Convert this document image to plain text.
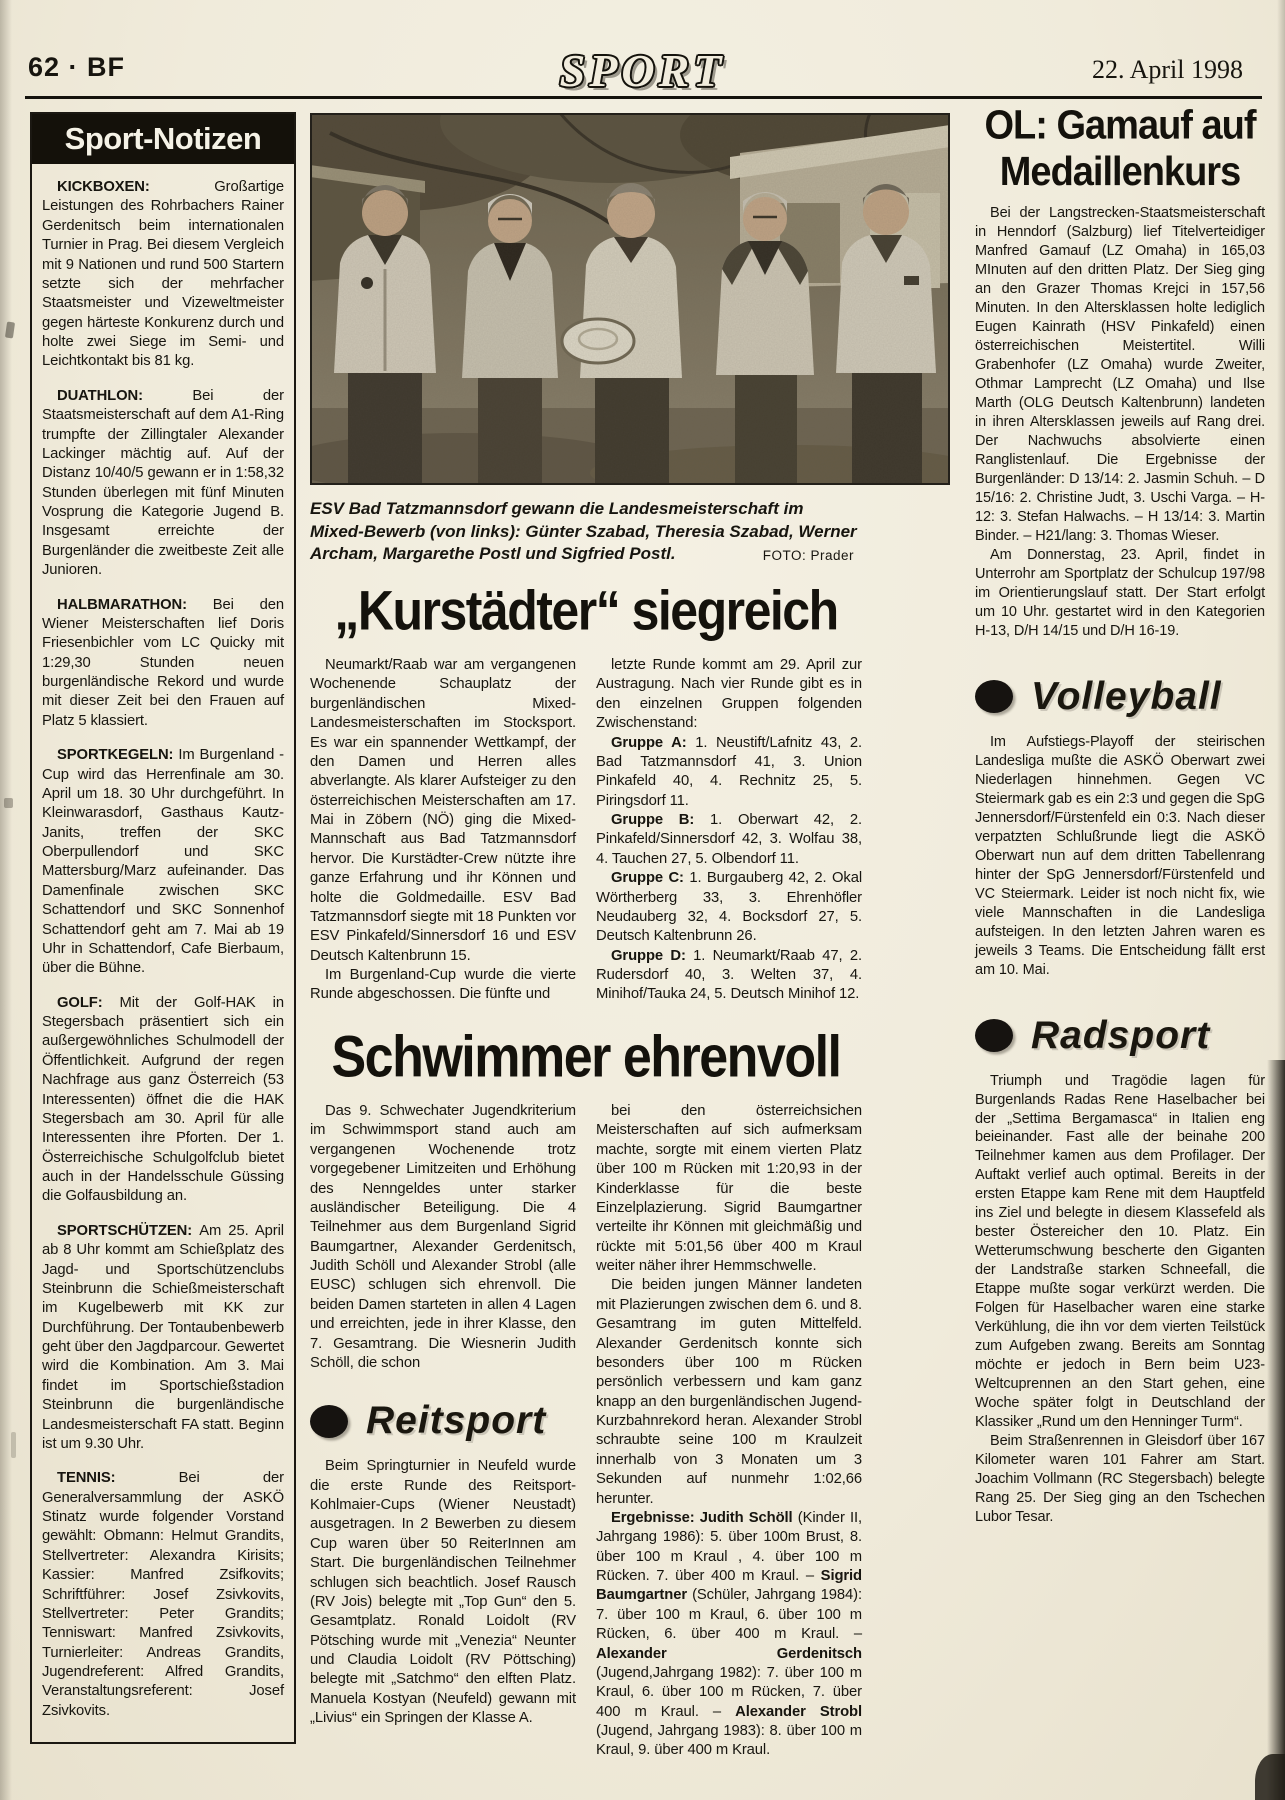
62 · BF	SPORT	22. April 1998
Sport-Notizen

KICKBOXEN: Großartige Leistungen des Rohrbachers Rainer Gerdenitsch beim internationalen Turnier in Prag. Bei diesem Vergleich mit 9 Nationen und rund 500 Startern setzte sich der mehrfacher Staatsmeister und Vizeweltmeister gegen härteste Konkurenz durch und holte zwei Siege im Semi- und Leichtkontakt bis 81 kg.

DUATHLON: Bei der Staatsmeisterschaft auf dem A1-Ring trumpfte der Zillingtaler Alexander Lackinger mächtig auf. Auf der Distanz 10/40/5 gewann er in 1:58,32 Stunden überlegen mit fünf Minuten Vosprung die Kategorie Jugend B. Insgesamt erreichte der Burgenländer die zweitbeste Zeit alle Junioren.

HALBMARATHON: Bei den Wiener Meisterschaften lief Doris Friesenbichler vom LC Quicky mit 1:29,30 Stunden neuen burgenländische Rekord und wurde mit dieser Zeit bei den Frauen auf Platz 5 klassiert.

SPORTKEGELN: Im Burgenland - Cup wird das Herrenfinale am 30. April um 18. 30 Uhr durchgeführt. In Kleinwarasdorf, Gasthaus Kautz-Janits, treffen der SKC Oberpullendorf und SKC Mattersburg/Marz aufeinander. Das Damenfinale zwischen SKC Schattendorf und SKC Sonnenhof Schattendorf geht am 7. Mai ab 19 Uhr in Schattendorf, Cafe Bierbaum, über die Bühne.

GOLF: Mit der Golf-HAK in Stegersbach präsentiert sich ein außergewöhnliches Schulmodell der Öffentlichkeit. Aufgrund der regen Nachfrage aus ganz Österreich (53 Interessenten) öffnet die die HAK Stegersbach am 30. April für alle Interessenten ihre Pforten. Der 1. Österreichische Schulgolfclub bietet auch in der Handelsschule Güssing die Golfausbildung an.

SPORTSCHÜTZEN: Am 25. April ab 8 Uhr kommt am Schießplatz des Jagd- und Sportschützenclubs Steinbrunn die Schießmeisterschaft im Kugelbewerb mit KK zur Durchführung. Der Tontaubenbewerb geht über den Jagdparcour. Gewertet wird die Kombination. Am 3. Mai findet im Sportschießstadion Steinbrunn die burgenländische Landesmeisterschaft FA statt. Beginn ist um 9.30 Uhr.

TENNIS: Bei der Generalversammlung der ASKÖ Stinatz wurde folgender Vorstand gewählt: Obmann: Helmut Grandits, Stellvertreter: Alexandra Kirisits; Kassier: Manfred Zsifkovits; Schriftführer: Josef Zsivkovits, Stellvertreter: Peter Grandits; Tenniswart: Manfred Zsivkovits, Turnierleiter: Andreas Grandits, Jugendreferent: Alfred Grandits, Veranstaltungsreferent: Josef Zsivkovits.

ESV Bad Tatzmannsdorf gewann die Landesmeisterschaft im Mixed-Bewerb (von links): Günter Szabad, Theresia Szabad, Werner Archam, Margarethe Postl und Sigfried Postl.	FOTO: Prader
„Kurstädter“ siegreich

Neumarkt/Raab war am vergangenen Wochenende Schauplatz der burgenländischen Mixed-Landesmeisterschaften im Stocksport. Es war ein spannender Wettkampf, der den Damen und Herren alles abverlangte. Als klarer Aufsteiger zu den österreichischen Meisterschaften am 17. Mai in Zöbern (NÖ) ging die Mixed-Mannschaft aus Bad Tatzmannsdorf hervor. Die Kurstädter-Crew nützte ihre ganze Erfahrung und ihr Können und holte die Goldmedaille. ESV Bad Tatzmannsdorf siegte mit 18 Punkten vor ESV Pinkafeld/Sinnersdorf 16 und ESV Deutsch Kaltenbrunn 15.

Im Burgenland-Cup wurde die vierte Runde abgeschossen. Die fünfte und

letzte Runde kommt am 29. April zur Austragung. Nach vier Runde gibt es in den einzelnen Gruppen folgenden Zwischenstand:

Gruppe A: 1. Neustift/Lafnitz 43, 2. Bad Tatzmannsdorf 41, 3. Union Pinkafeld 40, 4. Rechnitz 25, 5. Piringsdorf 11.

Gruppe B: 1. Oberwart 42, 2. Pinkafeld/Sinnersdorf 42, 3. Wolfau 38, 4. Tauchen 27, 5. Olbendorf 11.

Gruppe C: 1. Burgauberg 42, 2. Okal Wörtherberg 33, 3. Ehrenhöfler Neudauberg 32, 4. Bocksdorf 27, 5. Deutsch Kaltenbrunn 26.

Gruppe D: 1. Neumarkt/Raab 47, 2. Rudersdorf 40, 3. Welten 37, 4. Minihof/Tauka 24, 5. Deutsch Minihof 12.

Schwimmer ehrenvoll

Das 9. Schwechater Jugendkriterium im Schwimmsport stand auch am vergangenen Wochenende trotz vorgegebener Limitzeiten und Erhöhung des Nenngeldes unter starker ausländischer Beteiligung. Die 4 Teilnehmer aus dem Burgenland Sigrid Baumgartner, Alexander Gerdenitsch, Judith Schöll und Alexander Strobl (alle EUSC) schlugen sich ehrenvoll. Die beiden Damen starteten in allen 4 Lagen und erreichten, jede in ihrer Klasse, den 7. Gesamtrang. Die Wiesnerin Judith Schöll, die schon

Reitsport

Beim Springturnier in Neufeld wurde die erste Runde des Reitsport-Kohlmaier-Cups (Wiener Neustadt) ausgetragen. In 2 Bewerben zu diesem Cup waren über 50 ReiterInnen am Start. Die burgenländischen Teilnehmer schlugen sich beachtlich. Josef Rausch (RV Jois) belegte mit „Top Gun“ den 5. Gesamtplatz. Ronald Loidolt (RV Pötsching wurde mit „Venezia“ Neunter und Claudia Loidolt (RV Pöttsching) belegte mit „Satchmo“ den elften Platz. Manuela Kostyan (Neufeld) gewann mit „Livius“ ein Springen der Klasse A.

bei den österreichsichen Meisterschaften auf sich aufmerksam machte, sorgte mit einem vierten Platz über 100 m Rücken mit 1:20,93 in der Kinderklasse für die beste Einzelplazierung. Sigrid Baumgartner verteilte ihr Können mit gleichmäßig und rückte mit 5:01,56 über 400 m Kraul weiter näher ihrer Hemmschwelle.

Die beiden jungen Männer landeten mit Plazierungen zwischen dem 6. und 8. Gesamtrang im guten Mittelfeld. Alexander Gerdenitsch konnte sich besonders über 100 m Rücken persönlich verbessern und kam ganz knapp an den burgenländischen Jugend-Kurzbahnrekord heran. Alexander Strobl schraubte seine 100 m Kraulzeit innerhalb von 3 Monaten um 3 Sekunden auf nunmehr 1:02,66 herunter.

Ergebnisse: Judith Schöll (Kinder II, Jahrgang 1986): 5. über 100m Brust, 8. über 100 m Kraul , 4. über 100 m Rücken. 7. über 400 m Kraul. – Sigrid Baumgartner (Schüler, Jahrgang 1984): 7. über 100 m Kraul, 6. über 100 m Rücken, 6. über 400 m Kraul. – Alexander Gerdenitsch (Jugend,Jahrgang 1982): 7. über 100 m Kraul, 6. über 100 m Rücken, 7. über 400 m Kraul. – Alexander Strobl (Jugend, Jahrgang 1983): 8. über 100 m Kraul, 9. über 400 m Kraul.

OL: Gamauf auf
Medaillenkurs

Bei der Langstrecken-Staatsmeisterschaft in Henndorf (Salzburg) lief Titelverteidiger Manfred Gamauf (LZ Omaha) in 165,03 MInuten auf den dritten Platz. Der Sieg ging an den Grazer Thomas Krejci in 157,56 Minuten. In den Altersklassen holte lediglich Eugen Kainrath (HSV Pinkafeld) einen österreichischen Meistertitel. Willi Grabenhofer (LZ Omaha) wurde Zweiter, Othmar Lamprecht (LZ Omaha) und Ilse Marth (OLG Deutsch Kaltenbrunn) landeten in ihren Altersklassen jeweils auf Rang drei. Der Nachwuchs absolvierte einen Ranglistenlauf. Die Ergebnisse der Burgenländer: D 13/14: 2. Jasmin Schuh. – D 15/16: 2. Christine Judt, 3. Uschi Varga. – H-12: 3. Stefan Halwachs. – H 13/14: 3. Martin Binder. – H21/lang: 3. Thomas Wieser.

Am Donnerstag, 23. April, findet in Unterrohr am Sportplatz der Schulcup 197/98 im Orientierungslauf statt. Der Start erfolgt um 10 Uhr. gestartet wird in den Kategorien H-13, D/H 14/15 und D/H 16-19.

Volleyball

Im Aufstiegs-Playoff der steirischen Landesliga mußte die ASKÖ Oberwart zwei Niederlagen hinnehmen. Gegen VC Steiermark gab es ein 2:3 und gegen die SpG Jennersdorf/Fürstenfeld ein 0:3. Nach dieser verpatzten Schlußrunde liegt die ASKÖ Oberwart nun auf dem dritten Tabellenrang hinter der SpG Jennersdorf/Fürstenfeld und VC Steiermark. Leider ist noch nicht fix, wie viele Mannschaften in die Landesliga aufsteigen. In den letzten Jahren waren es jeweils 3 Teams. Die Entscheidung fällt erst am 10. Mai.

Radsport

Triumph und Tragödie lagen für Burgenlands Radas Rene Haselbacher bei der „Settima Bergamasca“ in Italien eng beieinander. Fast alle der beinahe 200 Teilnehmer kamen aus dem Profilager. Der Auftakt verlief auch optimal. Bereits in der ersten Etappe kam Rene mit dem Hauptfeld ins Ziel und belegte in diesem Klassefeld als bester Östereicher den 10. Platz. Ein Wetterumschwung bescherte den Giganten der Landstraße starken Schneefall, die Etappe mußte sogar verkürzt werden. Die Folgen für Haselbacher waren eine starke Verkühlung, die ihn vor dem vierten Teilstück zum Aufgeben zwang. Bereits am Sonntag möchte er jedoch in Bern beim U23-Weltcuprennen an den Start gehen, eine Woche später folgt in Deutschland der Klassiker „Rund um den Henninger Turm“.

Beim Straßenrennen in Gleisdorf über 167 Kilometer waren 101 Fahrer am Start. Joachim Vollmann (RC Stegersbach) belegte Rang 25. Der Sieg ging an den Tschechen Lubor Tesar.
